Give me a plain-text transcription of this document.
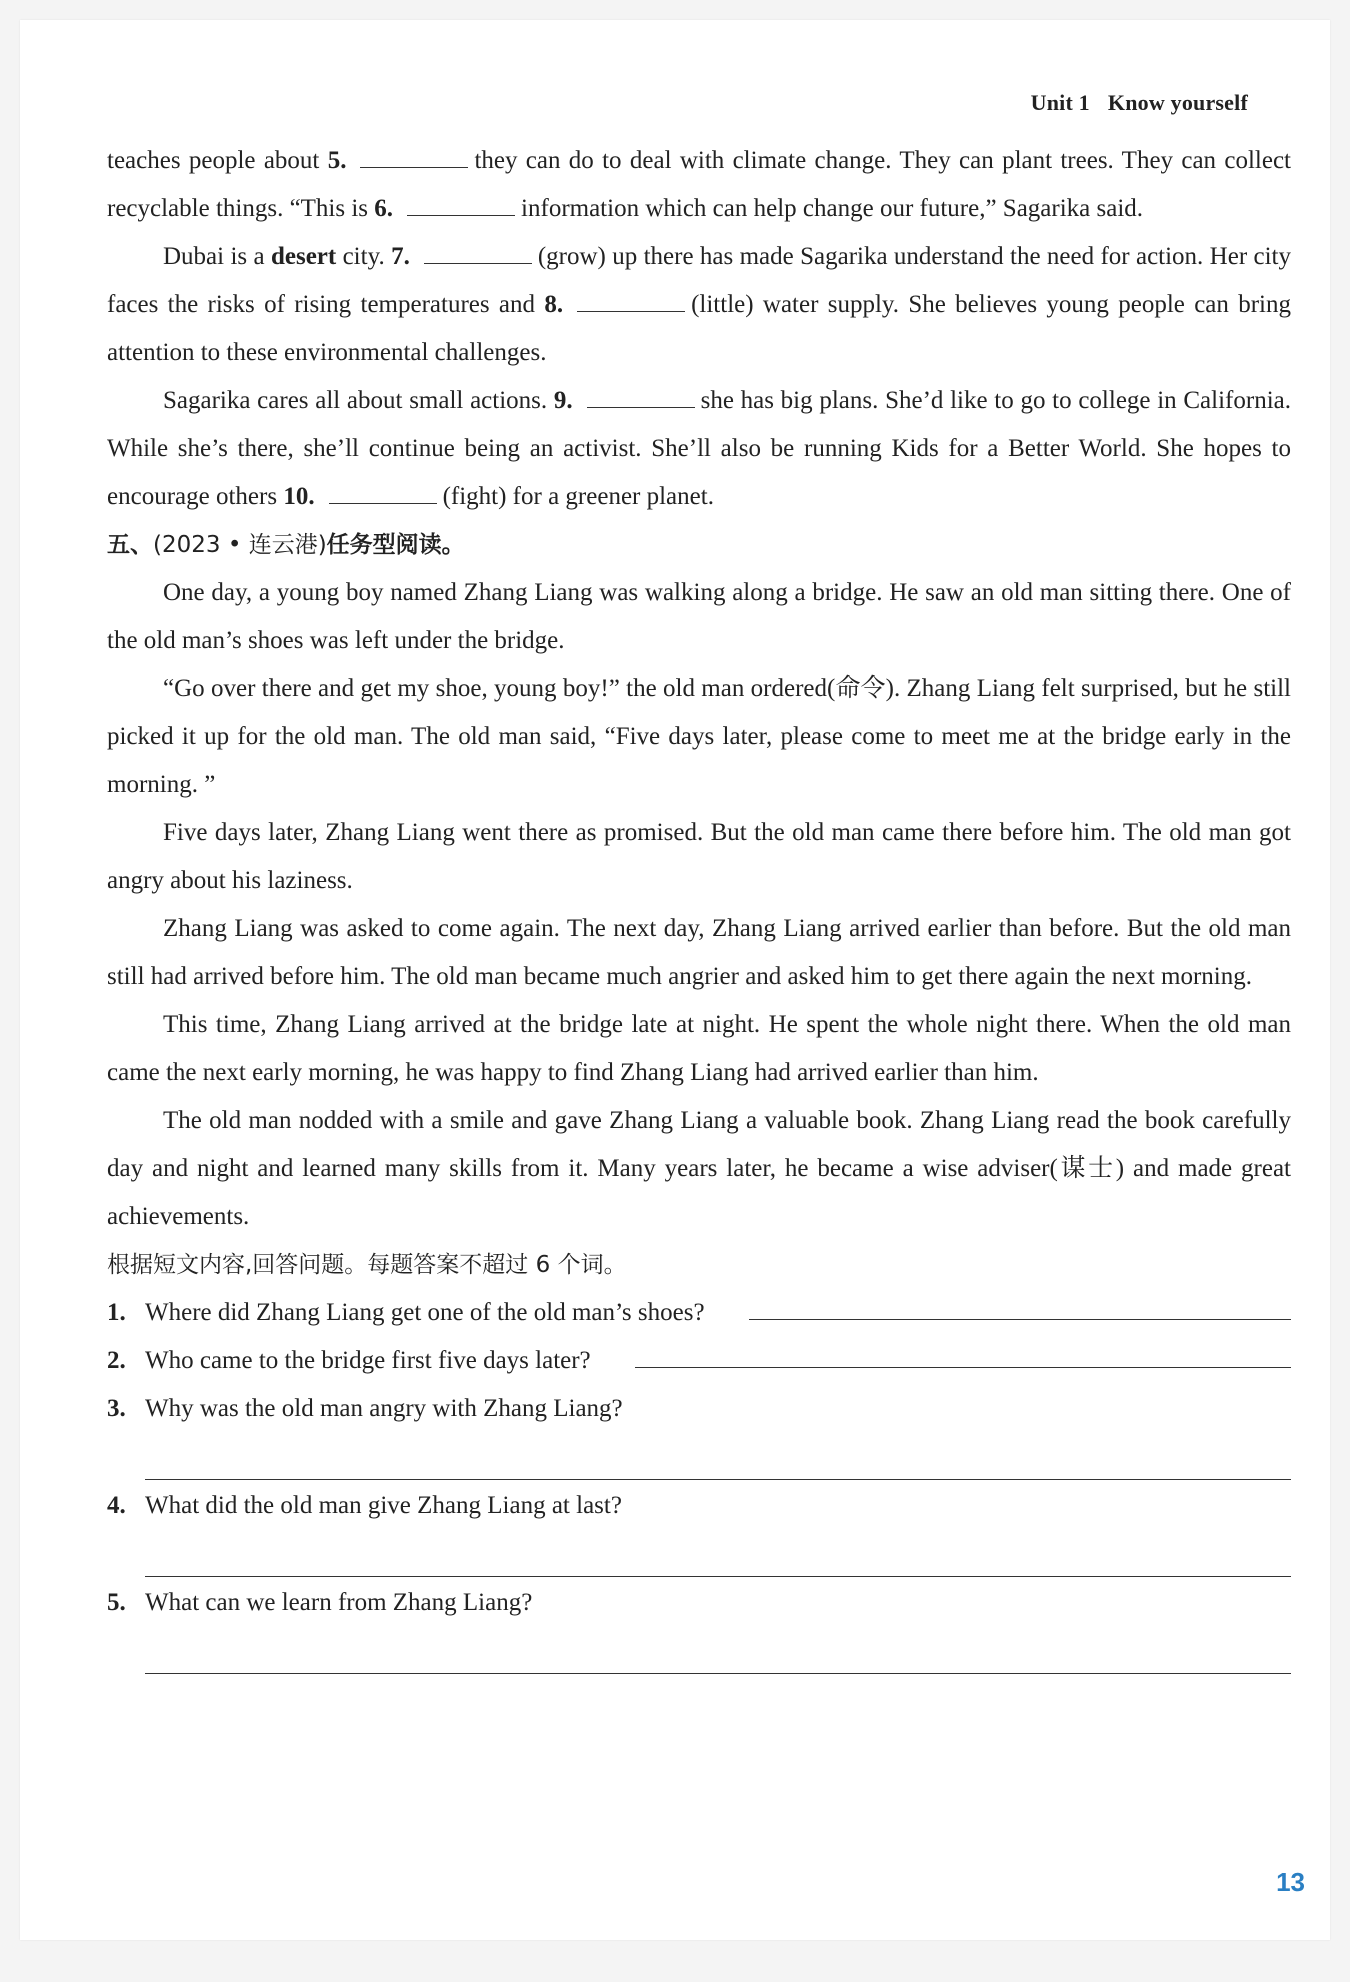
Unit 1 Know yourself

teaches people about 5.	they can do to deal with climate change. They can plant trees. They can collect recyclable things. “This is 6.	information which can help change our future,” Sagarika said.

Dubai is a desert city. 7.	(grow) up there has made Sagarika understand the need for action. Her city faces the risks of rising temperatures and 8.	(little) water supply. She believes young people can bring attention to these environmental challenges.

Sagarika cares all about small actions. 9.	she has big plans. She’d like to go to college in California. While she’s there, she’ll continue being an activist. She’ll also be running Kids for a Better World. She hopes to encourage others 10.	(fight) for a greener planet.

五、(2023 • 连云港)任务型阅读。

One day, a young boy named Zhang Liang was walking along a bridge. He saw an old man sitting there. One of the old man’s shoes was left under the bridge.

“Go over there and get my shoe, young boy!” the old man ordered(命令). Zhang Liang felt surprised, but he still picked it up for the old man. The old man said, “Five days later, please come to meet me at the bridge early in the morning. ”

Five days later, Zhang Liang went there as promised. But the old man came there before him. The old man got angry about his laziness.

Zhang Liang was asked to come again. The next day, Zhang Liang arrived earlier than before. But the old man still had arrived before him. The old man became much angrier and asked him to get there again the next morning.

This time, Zhang Liang arrived at the bridge late at night. He spent the whole night there. When the old man came the next early morning, he was happy to find Zhang Liang had arrived earlier than him.

The old man nodded with a smile and gave Zhang Liang a valuable book. Zhang Liang read the book carefully day and night and learned many skills from it. Many years later, he became a wise adviser(谋士) and made great achievements.

根据短文内容,回答问题。每题答案不超过 6 个词。

1. Where did Zhang Liang get one of the old man’s shoes?
2. Who came to the bridge first five days later?
3. Why was the old man angry with Zhang Liang?
4. What did the old man give Zhang Liang at last?
5. What can we learn from Zhang Liang?
13
